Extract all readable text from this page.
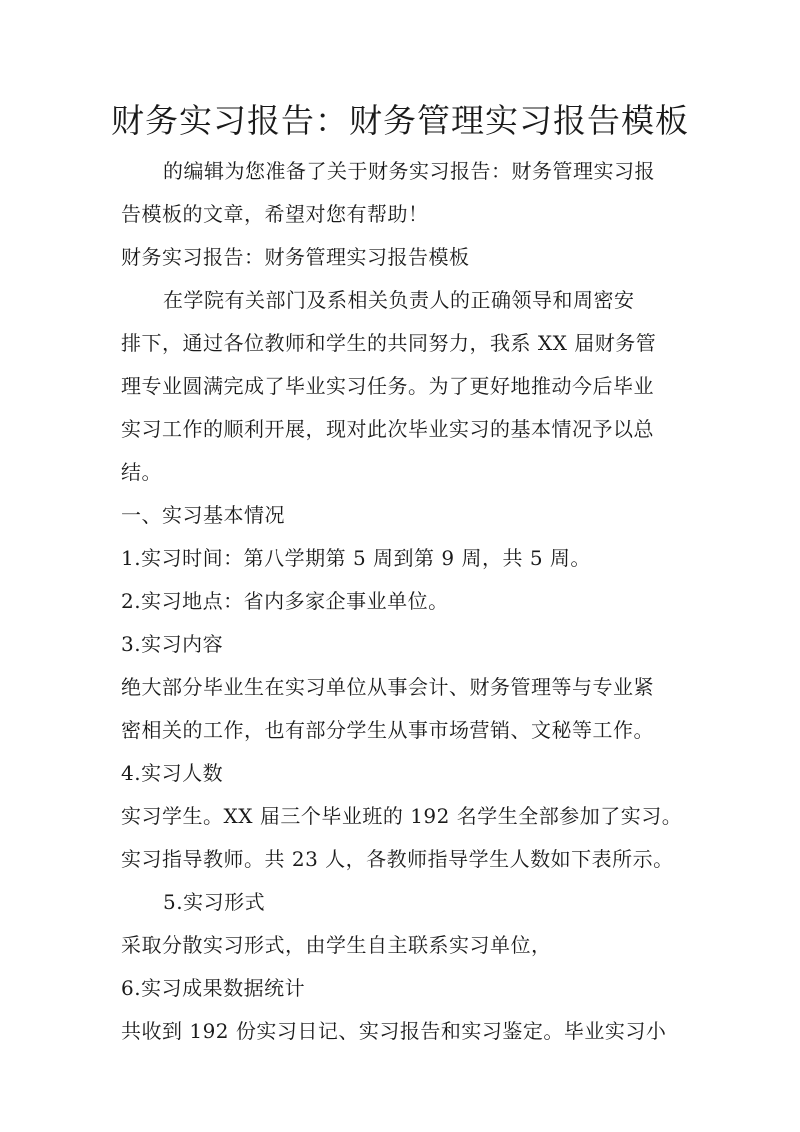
财务实习报告：财务管理实习报告模板
的编辑为您准备了关于财务实习报告：财务管理实习报
告模板的文章，希望对您有帮助！
财务实习报告：财务管理实习报告模板
在学院有关部门及系相关负责人的正确领导和周密安
排下，通过各位教师和学生的共同努力，我系 XX 届财务管
理专业圆满完成了毕业实习任务。为了更好地推动今后毕业
实习工作的顺利开展，现对此次毕业实习的基本情况予以总
结。
一、实习基本情况
1.实习时间：第八学期第 5 周到第 9 周，共 5 周。
2.实习地点：省内多家企事业单位。
3.实习内容
绝大部分毕业生在实习单位从事会计、财务管理等与专业紧
密相关的工作，也有部分学生从事市场营销、文秘等工作。
4.实习人数
实习学生。XX 届三个毕业班的 192 名学生全部参加了实习。
实习指导教师。共 23 人，各教师指导学生人数如下表所示。
5.实习形式
采取分散实习形式，由学生自主联系实习单位，
6.实习成果数据统计
共收到 192 份实习日记、实习报告和实习鉴定。毕业实习小
